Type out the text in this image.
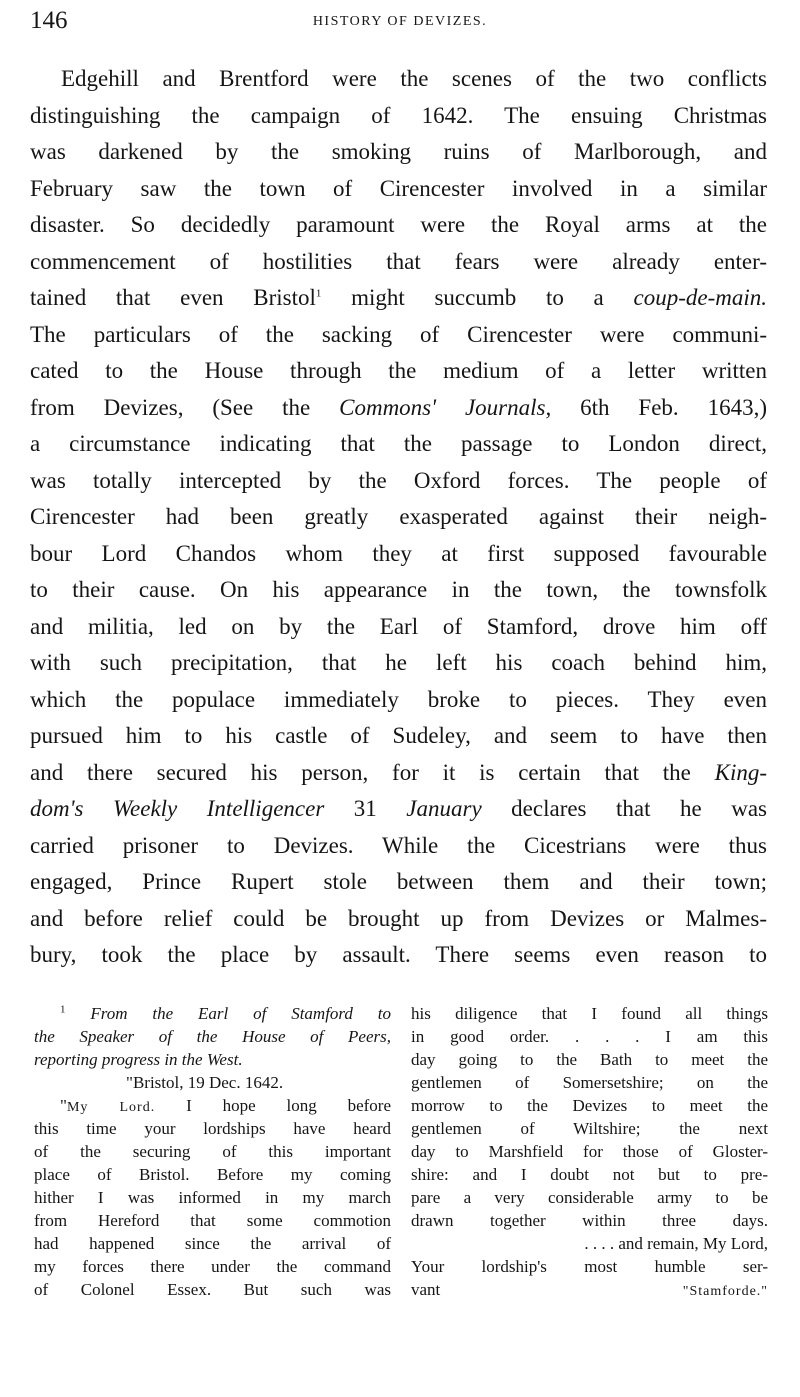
146	HISTORY OF DEVIZES.
Edgehill and Brentford were the scenes of the two conflicts
distinguishing the campaign of 1642. The ensuing Christmas
was darkened by the smoking ruins of Marlborough, and
February saw the town of Cirencester involved in a similar
disaster. So decidedly paramount were the Royal arms at the
commencement of hostilities that fears were already enter-
tained that even Bristol$^1$ might succumb to a coup-de-main.
The particulars of the sacking of Cirencester were communi-
cated to the House through the medium of a letter written
from Devizes, (See the Commons' Journals, 6th Feb. 1643,)
a circumstance indicating that the passage to London direct,
was totally intercepted by the Oxford forces. The people of
Cirencester had been greatly exasperated against their neigh-
bour Lord Chandos whom they at first supposed favourable
to their cause. On his appearance in the town, the townsfolk
and militia, led on by the Earl of Stamford, drove him off
with such precipitation, that he left his coach behind him,
which the populace immediately broke to pieces. They even
pursued him to his castle of Sudeley, and seem to have then
and there secured his person, for it is certain that the King-
dom's Weekly Intelligencer 31 January declares that he was
carried prisoner to Devizes. While the Cicestrians were thus
engaged, Prince Rupert stole between them and their town;
and before relief could be brought up from Devizes or Malmes-
bury, took the place by assault. There seems even reason to
$^1$ From the Earl of Stamford to
the Speaker of the House of Peers,
reporting progress in the West.
"Bristol, 19 Dec. 1642.
"My Lord. I hope long before
this time your lordships have heard
of the securing of this important
place of Bristol. Before my coming
hither I was informed in my march
from Hereford that some commotion
had happened since the arrival of
my forces there under the command
of Colonel Essex. But such was
his diligence that I found all things
in good order. . . . I am this
day going to the Bath to meet the
gentlemen of Somersetshire; on the
morrow to the Devizes to meet the
gentlemen of Wiltshire; the next
day to Marshfield for those of Gloster-
shire: and I doubt not but to pre-
pare a very considerable army to be
drawn together within three days.
. . . . and remain, My Lord,
Your lordship's most humble ser-
vant	"Stamforde."
